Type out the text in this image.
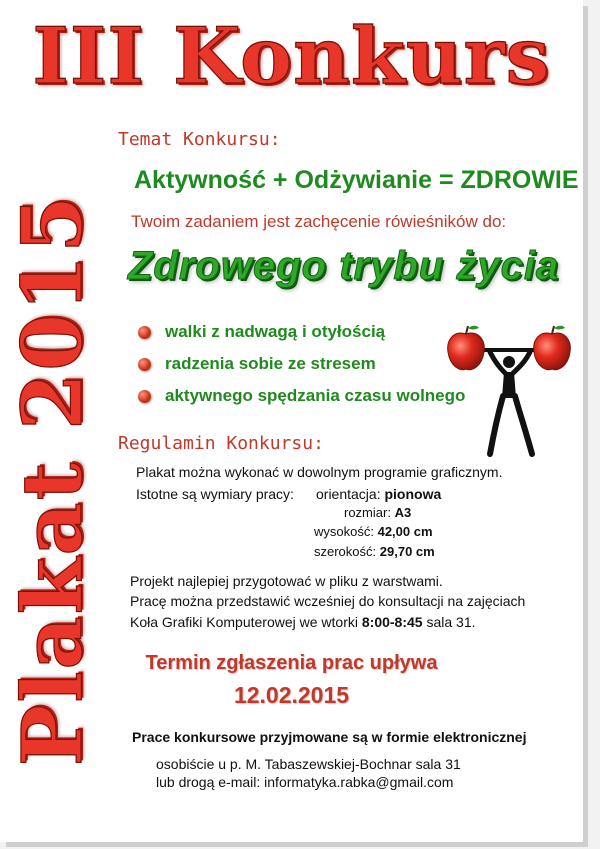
III Konkurs
Plakat 2015
Temat Konkursu:
Aktywność + Odżywianie = ZDROWIE
Twoim zadaniem jest zachęcenie rówieśników do:
Zdrowego trybu życia
walki z nadwagą i otyłością
radzenia sobie ze stresem
aktywnego spędzania czasu wolnego
Regulamin Konkursu:
Plakat można wykonać w dowolnym programie graficznym.
Istotne są wymiary pracy: orientacja: pionowa
rozmiar: A3
wysokość: 42,00 cm
szerokość: 29,70 cm
Projekt najlepiej przygotować w pliku z warstwami.
Pracę można przedstawić wcześniej do konsultacji na zajęciach
Koła Grafiki Komputerowej we wtorki 8:00-8:45 sala 31.
Termin zgłaszenia prac upływa
12.02.2015
Prace konkursowe przyjmowane są w formie elektronicznej
osobiście u p. M. Tabaszewskiej-Bochnar sala 31
lub drogą e-mail: informatyka.rabka@gmail.com
